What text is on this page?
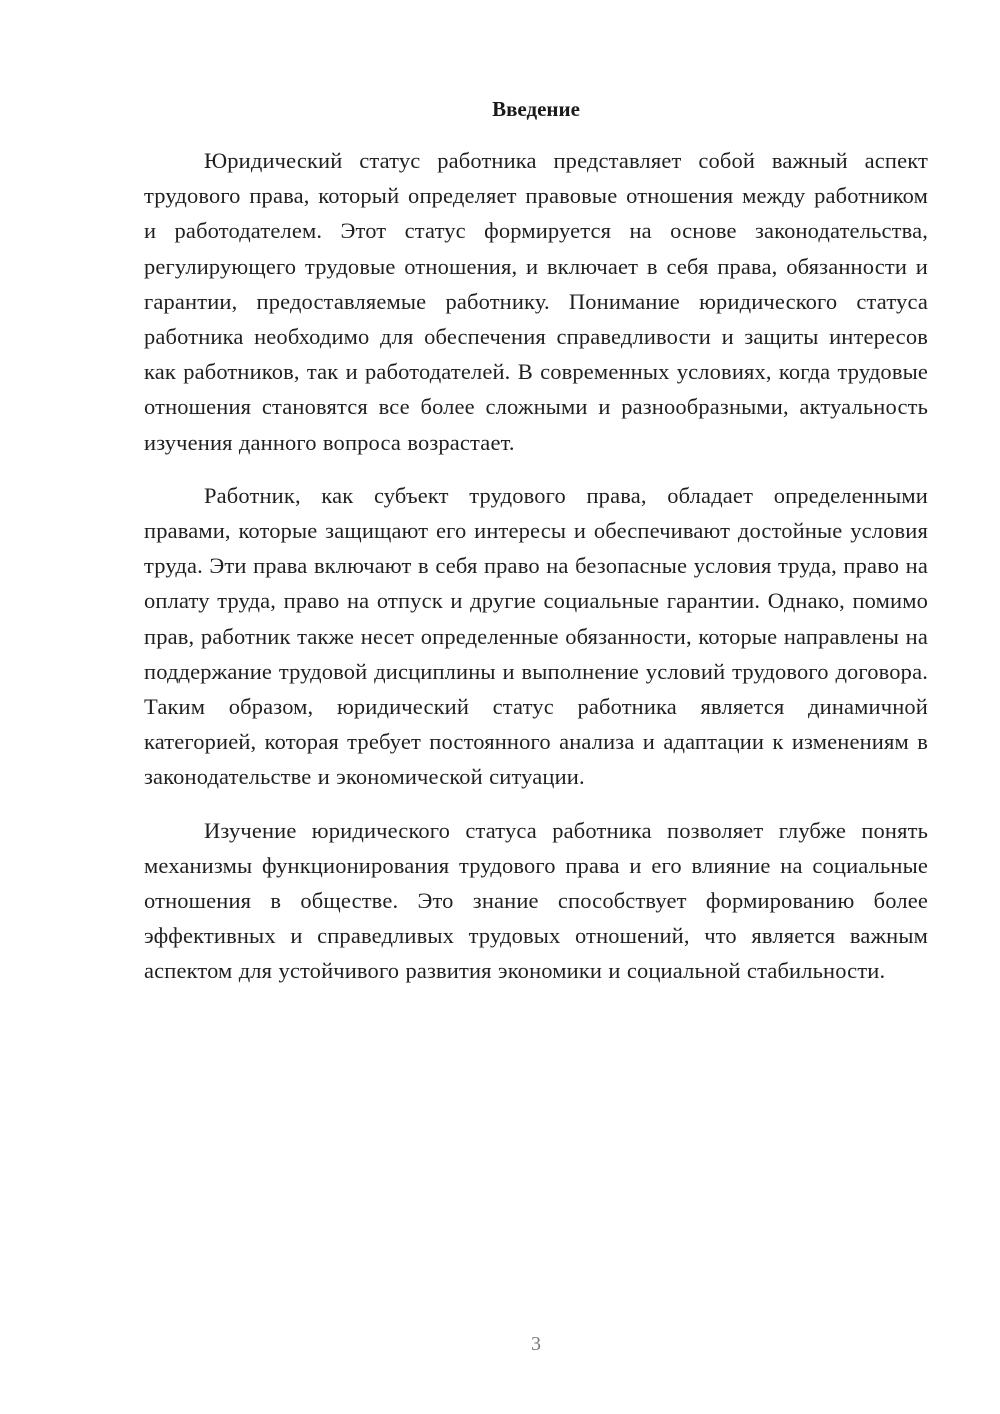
Введение

Юридический статус работника представляет собой важный аспект трудового права, который определяет правовые отношения между работником и работодателем. Этот статус формируется на основе законодательства, регулирующего трудовые отношения, и включает в себя права, обязанности и гарантии, предоставляемые работнику. Понимание юридического статуса работника необходимо для обеспечения справедливости и защиты интересов как работников, так и работодателей. В современных условиях, когда трудовые отношения становятся все более сложными и разнообразными, актуальность изучения данного вопроса возрастает.

Работник, как субъект трудового права, обладает определенными правами, которые защищают его интересы и обеспечивают достойные условия труда. Эти права включают в себя право на безопасные условия труда, право на оплату труда, право на отпуск и другие социальные гарантии. Однако, помимо прав, работник также несет определенные обязанности, которые направлены на поддержание трудовой дисциплины и выполнение условий трудового договора. Таким образом, юридический статус работника является динамичной категорией, которая требует постоянного анализа и адаптации к изменениям в законодательстве и экономической ситуации.

Изучение юридического статуса работника позволяет глубже понять механизмы функционирования трудового права и его влияние на социальные отношения в обществе. Это знание способствует формированию более эффективных и справедливых трудовых отношений, что является важным аспектом для устойчивого развития экономики и социальной стабильности.

3
